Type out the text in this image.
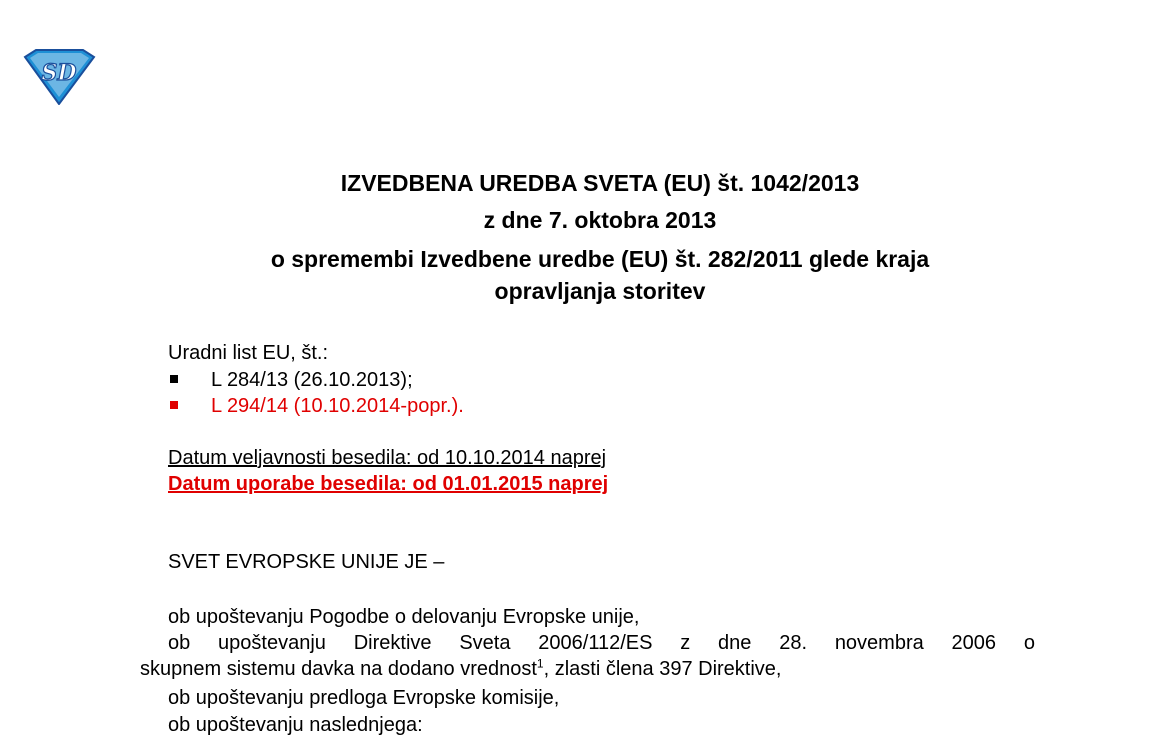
SD
IZVEDBENA UREDBA SVETA (EU) št. 1042/2013
z dne 7. oktobra 2013
o spremembi Izvedbene uredbe (EU) št. 282/2011 glede kraja
opravljanja storitev
Uradni list EU, št.:
L 284/13 (26.10.2013);
L 294/14 (10.10.2014-popr.).
Datum veljavnosti besedila: od 10.10.2014 naprej
Datum uporabe besedila: od 01.01.2015 naprej
SVET EVROPSKE UNIJE JE –
ob upoštevanju Pogodbe o delovanju Evropske unije,
ob upoštevanju Direktive Sveta 2006/112/ES z dne 28. novembra 2006 o
skupnem sistemu davka na dodano vrednost$^1$, zlasti člena 397 Direktive,
ob upoštevanju predloga Evropske komisije,
ob upoštevanju naslednjega:
